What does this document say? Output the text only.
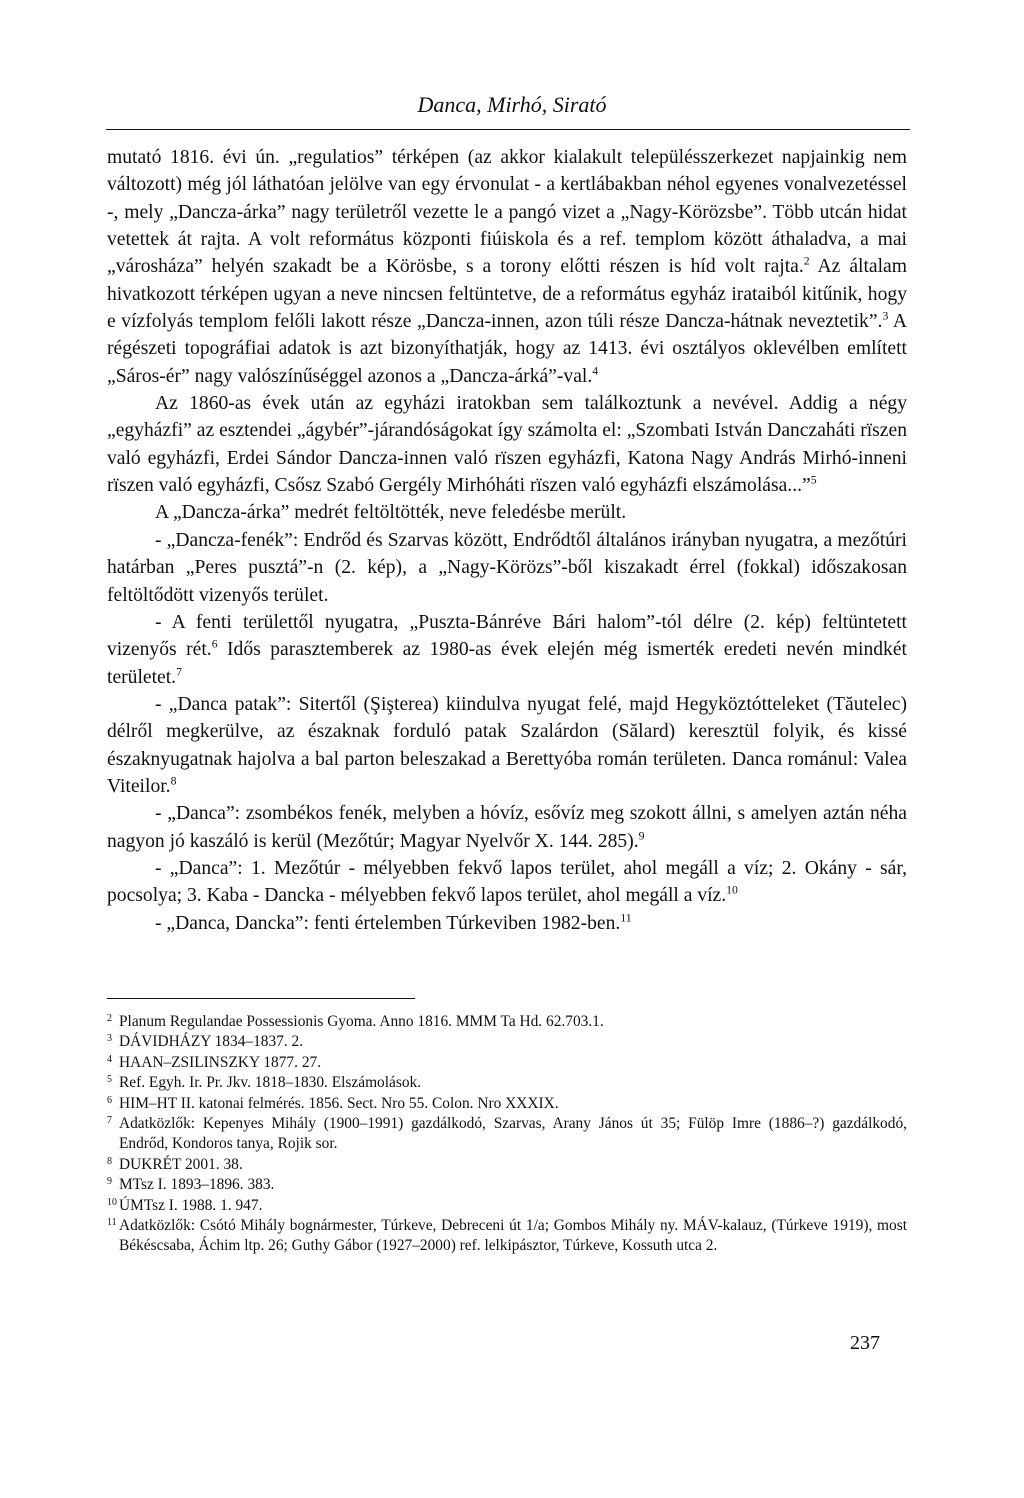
Danca, Mirhó, Sirató

mutató 1816. évi ún. „regulatios” térképen (az akkor kialakult településszerkezet napjainkig nem változott) még jól láthatóan jelölve van egy érvonulat - a kertlábakban néhol egyenes vonalvezetéssel -, mely „Dancza-árka” nagy területről vezette le a pangó vizet a „Nagy-Körözsbe”. Több utcán hidat vetettek át rajta. A volt református központi fiúiskola és a ref. templom között áthaladva, a mai „városháza” helyén szakadt be a Körösbe, s a torony előtti részen is híd volt rajta.$^2$ Az általam hivatkozott térképen ugyan a neve nincsen feltüntetve, de a református egyház irataiból kitűnik, hogy e vízfolyás templom felőli lakott része „Dancza-innen, azon túli része Dancza-hátnak neveztetik”.$^3$ A régészeti topográfiai adatok is azt bizonyíthatják, hogy az 1413. évi osztályos oklevélben említett „Sáros-ér” nagy valószínűséggel azonos a „Dancza-árká”-val.$^4$

Az 1860-as évek után az egyházi iratokban sem találkoztunk a nevével. Addig a négy „egyházfi” az esztendei „ágybér”-járandóságokat így számolta el: „Szombati István Danczaháti rïszen való egyházfi, Erdei Sándor Dancza-innen való rïszen egyházfi, Katona Nagy András Mirhó-inneni rïszen való egyházfi, Csősz Szabó Gergély Mirhóháti rïszen való egyházfi elszámolása...”$^5$

A „Dancza-árka” medrét feltöltötték, neve feledésbe merült.

- „Dancza-fenék”: Endrőd és Szarvas között, Endrődtől általános irányban nyugatra, a mezőtúri határban „Peres pusztá”-n (2. kép), a „Nagy-Körözs”-ből kiszakadt érrel (fokkal) időszakosan feltöltődött vizenyős terület.

- A fenti területtől nyugatra, „Puszta-Bánréve Bári halom”-tól délre (2. kép) feltüntetett vizenyős rét.$^6$ Idős parasztemberek az 1980-as évek elején még ismerték eredeti nevén mindkét területet.$^7$

- „Danca patak”: Sitertől (Şişterea) kiindulva nyugat felé, majd Hegyköztótteleket (Tăutelec) délről megkerülve, az északnak forduló patak Szalárdon (Sălard) keresztül folyik, és kissé északnyugatnak hajolva a bal parton beleszakad a Berettyóba román területen. Danca románul: Valea Viteilor.$^8$

- „Danca”: zsombékos fenék, melyben a hóvíz, esővíz meg szokott állni, s amelyen aztán néha nagyon jó kaszáló is kerül (Mezőtúr; Magyar Nyelvőr X. 144. 285).$^9$

- „Danca”: 1. Mezőtúr - mélyebben fekvő lapos terület, ahol megáll a víz; 2. Okány - sár, pocsolya; 3. Kaba - Dancka - mélyebben fekvő lapos terület, ahol megáll a víz.$^{10}$

- „Danca, Dancka”: fenti értelemben Túrkeviben 1982-ben.$^{11}$

2 Planum Regulandae Possessionis Gyoma. Anno 1816. MMM Ta Hd. 62.703.1.
3 DÁVIDHÁZY 1834–1837. 2.
4 HAAN–ZSILINSZKY 1877. 27.
5 Ref. Egyh. Ir. Pr. Jkv. 1818–1830. Elszámolások.
6 HIM–HT II. katonai felmérés. 1856. Sect. Nro 55. Colon. Nro XXXIX.
7 Adatközlők: Kepenyes Mihály (1900–1991) gazdálkodó, Szarvas, Arany János út 35; Fülöp Imre (1886–?) gazdálkodó, Endrőd, Kondoros tanya, Rojik sor.
8 DUKRÉT 2001. 38.
9 MTsz I. 1893–1896. 383.
10 ÚMTsz I. 1988. 1. 947.
11 Adatközlők: Csótó Mihály bognármester, Túrkeve, Debreceni út 1/a; Gombos Mihály ny. MÁV-kalauz, (Túrkeve 1919), most Békéscsaba, Áchim ltp. 26; Guthy Gábor (1927–2000) ref. lelkipásztor, Túrkeve, Kossuth utca 2.
237
